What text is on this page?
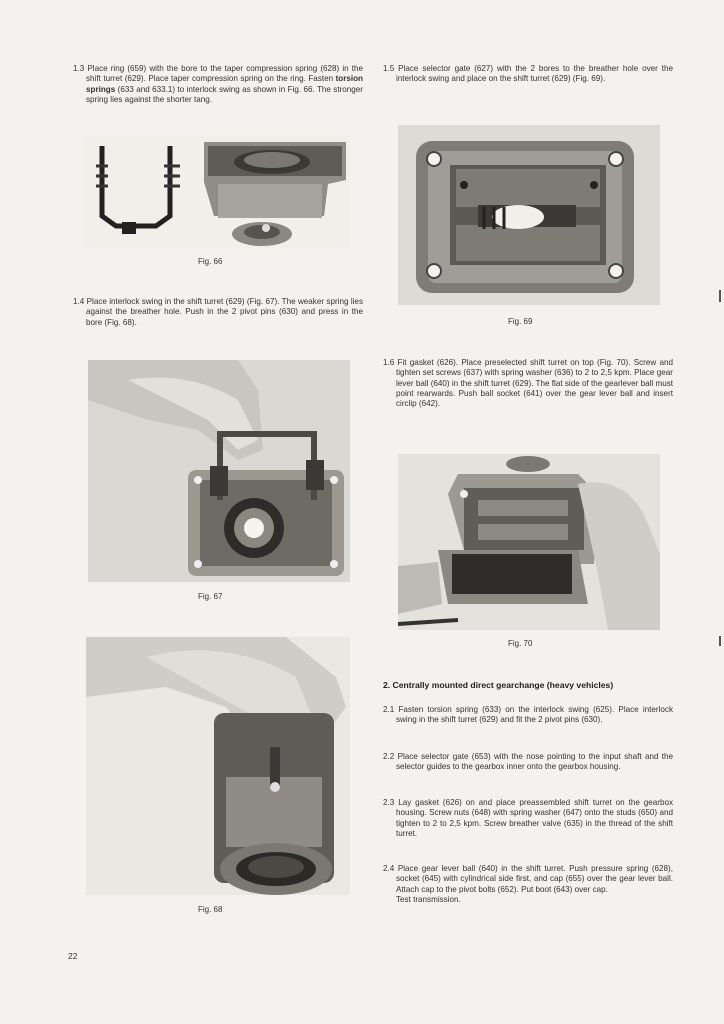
1.3 Place ring (659) with the bore to the taper compression spring (628) in the shift turret (629). Place taper compression spring on the ring. Fasten torsion springs (633 and 633.1) to interlock swing as shown in Fig. 66. The stronger spring lies against the shorter tang.

Fig. 66

1.4 Place interlock swing in the shift turret (629) (Fig. 67). The weaker spring lies against the breather hole. Push in the 2 pivot pins (630) and press in the bore (Fig. 68).

Fig. 67

Fig. 68

1.5 Place selector gate (627) with the 2 bores to the breather hole over the interlock swing and place on the shift turret (629) (Fig. 69).

Fig. 69

1.6 Fit gasket (626). Place preselected shift turret on top (Fig. 70). Screw and tighten set screws (637) with spring washer (636) to 2 to 2,5 kpm. Place gear lever ball (640) in the shift turret (629). The flat side of the gearlever ball must point rearwards. Push ball socket (641) over the gear lever ball and insert circlip (642).

Fig. 70

2. Centrally mounted direct gearchange (heavy vehicles)

2.1 Fasten torsion spring (633) on the interlock swing (625). Place interlock swing in the shift turret (629) and fit the 2 pivot pins (630).

2.2 Place selector gate (653) with the nose pointing to the input shaft and the selector guides to the gearbox inner onto the gearbox housing.

2.3 Lay gasket (626) on and place preassembled shift turret on the gearbox housing. Screw nuts (648) with spring washer (647) onto the studs (650) and tighten to 2 to 2,5 kpm. Screw breather valve (635) in the thread of the shift turret.

2.4 Place gear lever ball (640) in the shift turret. Push pressure spring (628), socket (645) with cylindrical side first, and cap (655) over the gear lever ball. Attach cap to the pivot bolts (652). Put boot (643) over cap.
Test transmission.

22
